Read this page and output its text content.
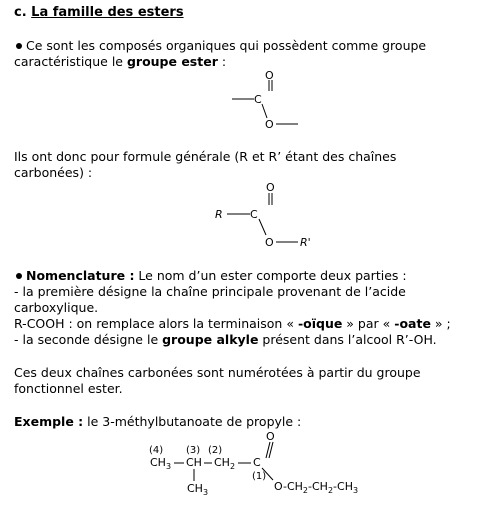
c. La famille des esters
Ce sont les composés organiques qui possèdent comme groupe
caractéristique le groupe ester :
O
C
O
Ils ont donc pour formule générale (R et R’ étant des chaînes
carbonées) :
O
R C
O R'
Nomenclature : Le nom d’un ester comporte deux parties :
- la première désigne la chaîne principale provenant de l’acide
carboxylique.
R-COOH : on remplace alors la terminaison « -oïque » par « -oate » ;
- la seconde désigne le groupe alkyle présent dans l’alcool R’-OH.
Ces deux chaînes carbonées sont numérotées à partir du groupe
fonctionnel ester.
Exemple : le 3-méthylbutanoate de propyle :
(4) (3) (2)
O
$CH_3$ CH $CH_2$ C
$CH_3$
(1)
$O-CH_2-CH_2-CH_3$
